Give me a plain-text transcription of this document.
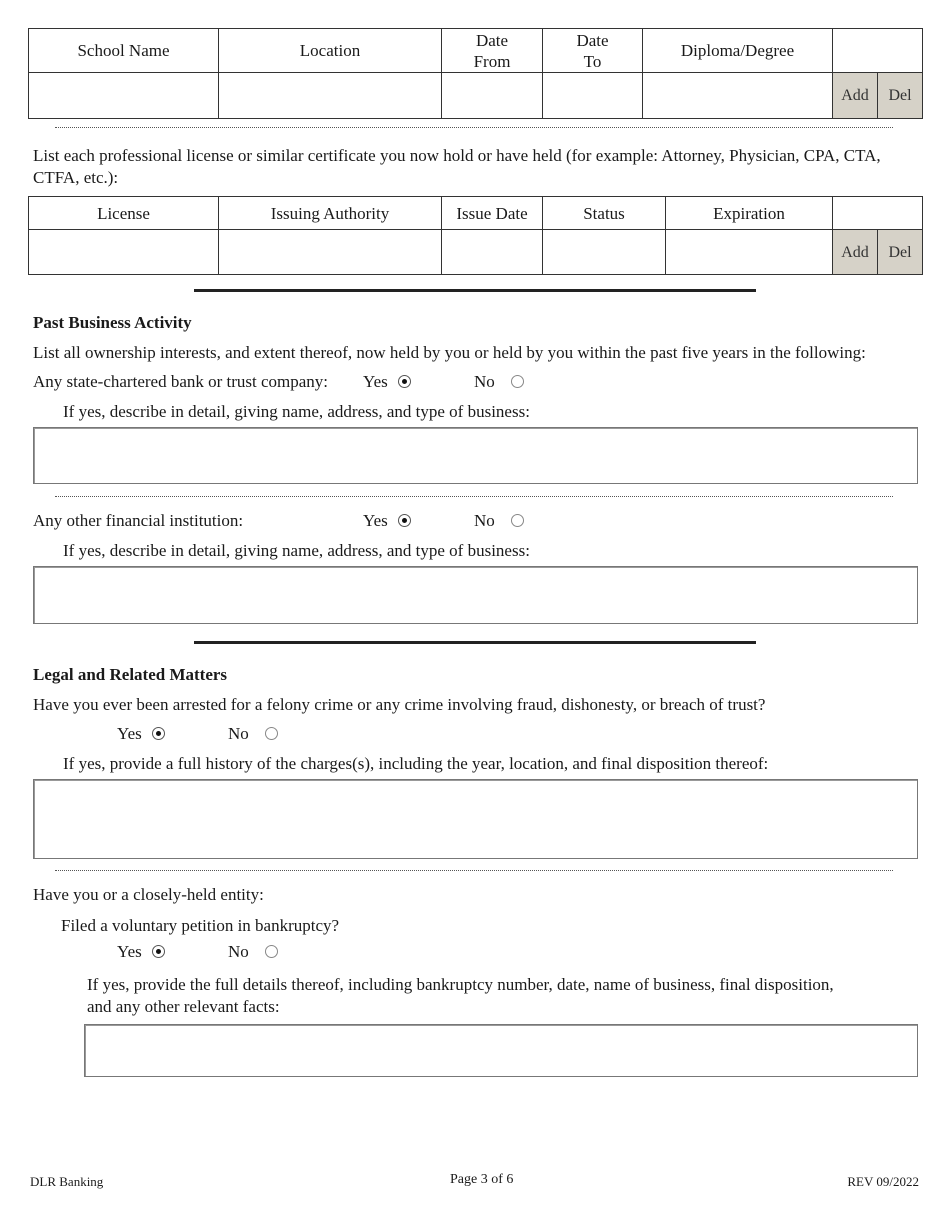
School Name	Location	Date From	Date To	Diploma/Degree	

Add Del
List each professional license or similar certificate you now hold or have held (for example: Attorney, Physician, CPA, CTA, CTFA, etc.):
License	Issuing Authority	Issue Date	Status	Expiration	

Add Del
Past Business Activity
List all ownership interests, and extent thereof, now held by you or held by you within the past five years in the following:
Any state-chartered bank or trust company: Yes	No
If yes, describe in detail, giving name, address, and type of business:
Any other financial institution:	Yes	No
If yes, describe in detail, giving name, address, and type of business:
Legal and Related Matters
Have you ever been arrested for a felony crime or any crime involving fraud, dishonesty, or breach of trust?
Yes	No
If yes, provide a full history of the charges(s), including the year, location, and final disposition thereof:
Have you or a closely-held entity:
Filed a voluntary petition in bankruptcy?
Yes	No
If yes, provide the full details thereof, including bankruptcy number, date, name of business, final disposition,
and any other relevant facts:
DLR Banking	Page 3 of 6	REV 09/2022
